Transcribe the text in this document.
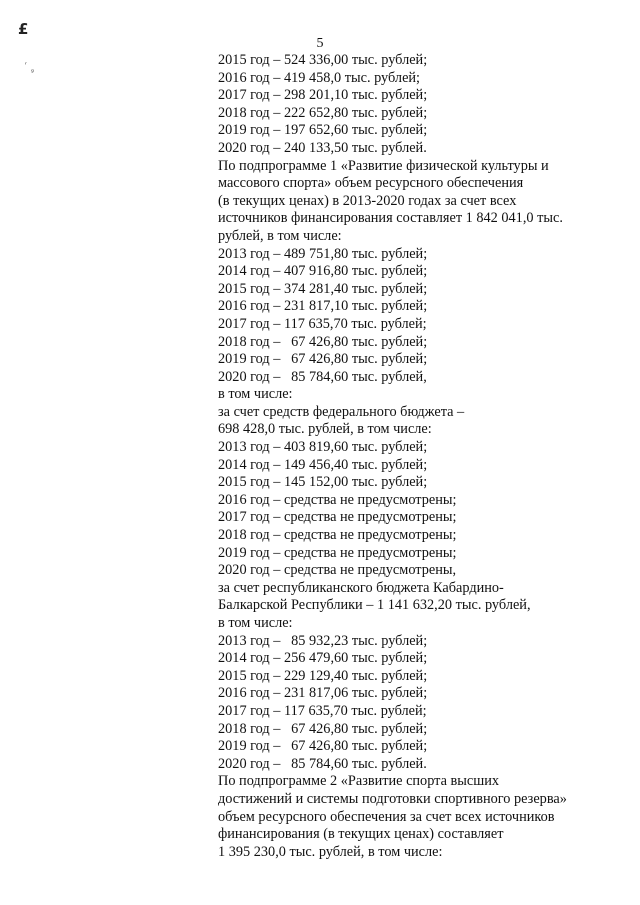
£
ʳ
ᵍ
5
2015 год – 524 336,00 тыс. рублей;
2016 год – 419 458,0 тыс. рублей;
2017 год – 298 201,10 тыс. рублей;
2018 год – 222 652,80 тыс. рублей;
2019 год – 197 652,60 тыс. рублей;
2020 год – 240 133,50 тыс. рублей.
По подпрограмме 1 «Развитие физической культуры и
массового спорта» объем ресурсного обеспечения
(в текущих ценах) в 2013-2020 годах за счет всех
источников финансирования составляет 1 842 041,0 тыс.
рублей, в том числе:
2013 год – 489 751,80 тыс. рублей;
2014 год – 407 916,80 тыс. рублей;
2015 год – 374 281,40 тыс. рублей;
2016 год – 231 817,10 тыс. рублей;
2017 год – 117 635,70 тыс. рублей;
2018 год –   67 426,80 тыс. рублей;
2019 год –   67 426,80 тыс. рублей;
2020 год –   85 784,60 тыс. рублей,
в том числе:
за счет средств федерального бюджета –
698 428,0 тыс. рублей, в том числе:
2013 год – 403 819,60 тыс. рублей;
2014 год – 149 456,40 тыс. рублей;
2015 год – 145 152,00 тыс. рублей;
2016 год – средства не предусмотрены;
2017 год – средства не предусмотрены;
2018 год – средства не предусмотрены;
2019 год – средства не предусмотрены;
2020 год – средства не предусмотрены,
за счет республиканского бюджета Кабардино-
Балкарской Республики – 1 141 632,20 тыс. рублей,
в том числе:
2013 год –   85 932,23 тыс. рублей;
2014 год – 256 479,60 тыс. рублей;
2015 год – 229 129,40 тыс. рублей;
2016 год – 231 817,06 тыс. рублей;
2017 год – 117 635,70 тыс. рублей;
2018 год –   67 426,80 тыс. рублей;
2019 год –   67 426,80 тыс. рублей;
2020 год –   85 784,60 тыс. рублей.
По подпрограмме 2 «Развитие спорта высших
достижений и системы подготовки спортивного резерва»
объем ресурсного обеспечения за счет всех источников
финансирования (в текущих ценах) составляет
1 395 230,0 тыс. рублей, в том числе:
